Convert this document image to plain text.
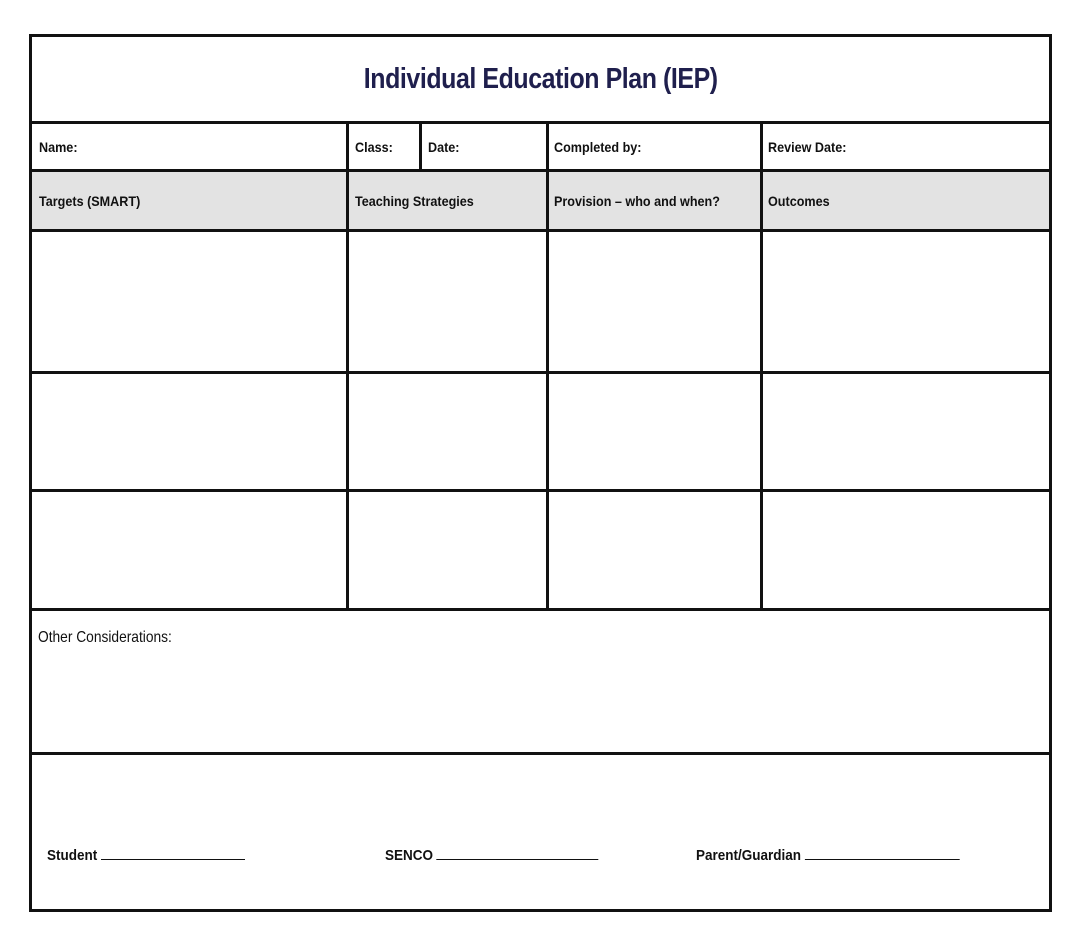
Individual Education Plan (IEP)
Name:	Class:	Date:	Completed by:	Review Date:
Targets (SMART)	Teaching Strategies	Provision – who and when?	Outcomes
Other Considerations:
Student	SENCO	Parent/Guardian
